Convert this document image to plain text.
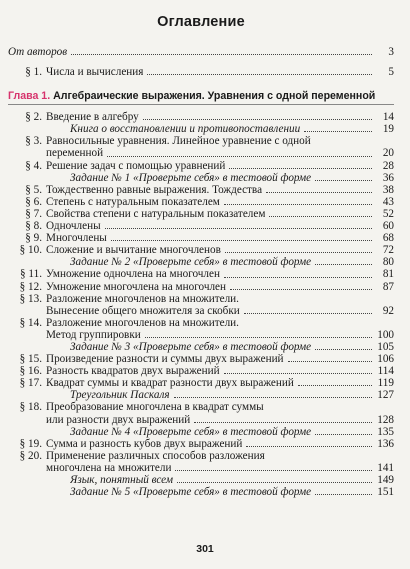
Оглавление
От авторов	3
§ 1. Числа и вычисления	5
Глава 1. Алгебраические выражения. Уравнения с одной переменной
§ 2. Введение в алгебру	14
Книга о восстановлении и противопоставлении	19
§ 3. Равносильные уравнения. Линейное уравнение с одной
переменной	20
§ 4. Решение задач с помощью уравнений	28
Задание № 1 «Проверьте себя» в тестовой форме	36
§ 5. Тождественно равные выражения. Тождества	38
§ 6. Степень с натуральным показателем	43
§ 7. Свойства степени с натуральным показателем	52
§ 8. Одночлены	60
§ 9. Многочлены	68
§ 10. Сложение и вычитание многочленов	72
Задание № 2 «Проверьте себя» в тестовой форме	80
§ 11. Умножение одночлена на многочлен	81
§ 12. Умножение многочлена на многочлен	87
§ 13. Разложение многочленов на множители.
Вынесение общего множителя за скобки	92
§ 14. Разложение многочленов на множители.
Метод группировки	100
Задание № 3 «Проверьте себя» в тестовой форме	105
§ 15. Произведение разности и суммы двух выражений	106
§ 16. Разность квадратов двух выражений	114
§ 17. Квадрат суммы и квадрат разности двух выражений	119
Треугольник Паскаля	127
§ 18. Преобразование многочлена в квадрат суммы
или разности двух выражений	128
Задание № 4 «Проверьте себя» в тестовой форме	135
§ 19. Сумма и разность кубов двух выражений	136
§ 20. Применение различных способов разложения
многочлена на множители	141
Язык, понятный всем	149
Задание № 5 «Проверьте себя» в тестовой форме	151
301
